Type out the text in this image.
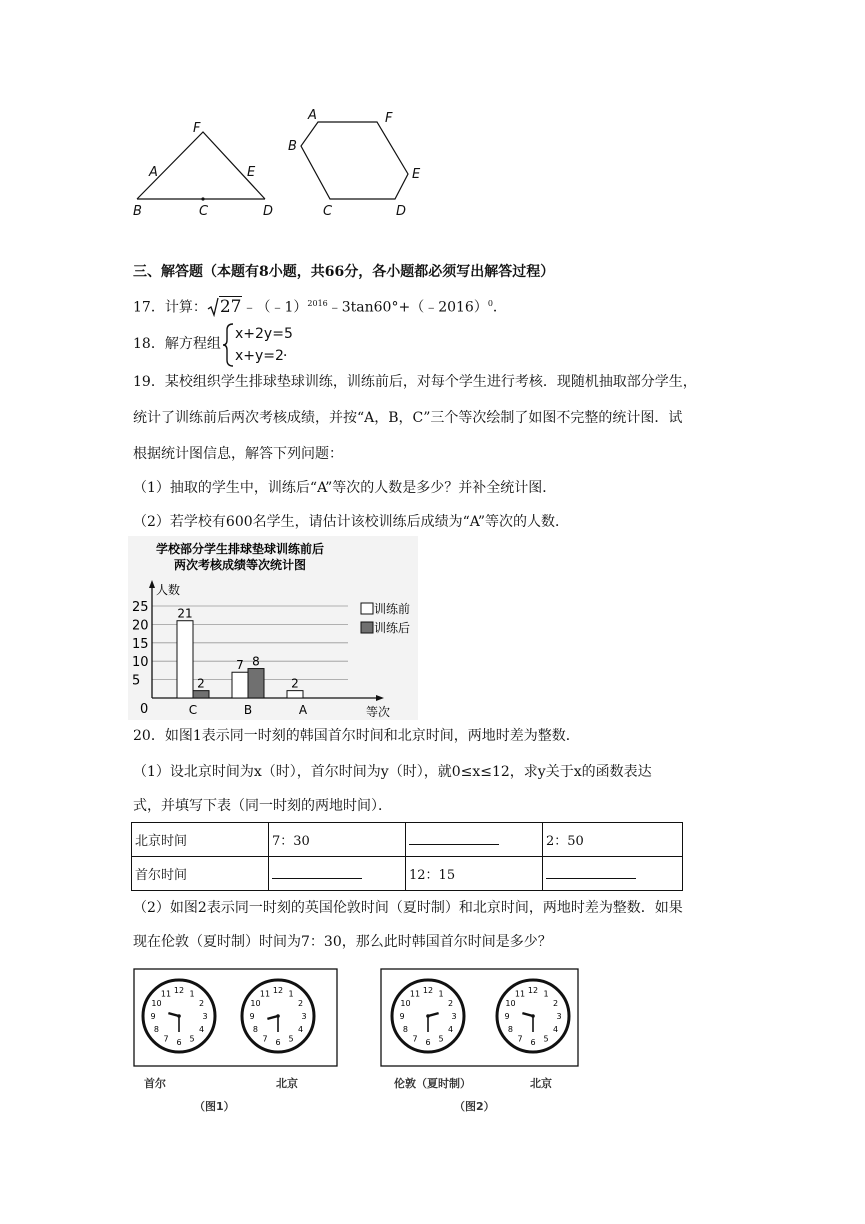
F
A	E
B	C	D
A	F
B
E
C	D
三、解答题（本题有8小题，共66分，各小题都必须写出解答过程）
17．计算： 27﹣（﹣1）$^{2016}$﹣3tan60°+（﹣2016）$^0$．
18．解方程组
x+2y=5
x+y=2 ．
19．某校组织学生排球垫球训练，训练前后，对每个学生进行考核．现随机抽取部分学生，
统计了训练前后两次考核成绩，并按“A，B，C”三个等次绘制了如图不完整的统计图．试
根据统计图信息，解答下列问题：
（1）抽取的学生中，训练后“A”等次的人数是多少？并补全统计图．
（2）若学校有600名学生，请估计该校训练后成绩为“A”等次的人数．
学校部分学生排球垫球训练前后
两次考核成绩等次统计图
人数
等次
0
5
10
15
20
25
C
21
2
B
7 8
A
2
训练前
训练后
20．如图1表示同一时刻的韩国首尔时间和北京时间，两地时差为整数．
（1）设北京时间为x（时），首尔时间为y（时），就0≤x≤12，求y关于x的函数表达
式，并填写下表（同一时刻的两地时间）．
北京时间	7：30		2：50
首尔时间		12：15	
（2）如图2表示同一时刻的英国伦敦时间（夏时制）和北京时间，两地时差为整数．如果
现在伦敦（夏时制）时间为7：30，那么此时韩国首尔时间是多少？
12 1
2
3
4
5
6
7
8
9
10
11	12 1
2
3
4
5
6
7
8
9
10
11	12 1
2
3
4
5
6
7
8
9
10
11	12 1
2
3
4
5
6
7
8
9
10
11
首尔	北京
（图1）
伦敦（夏时制）	北京
（图2）
